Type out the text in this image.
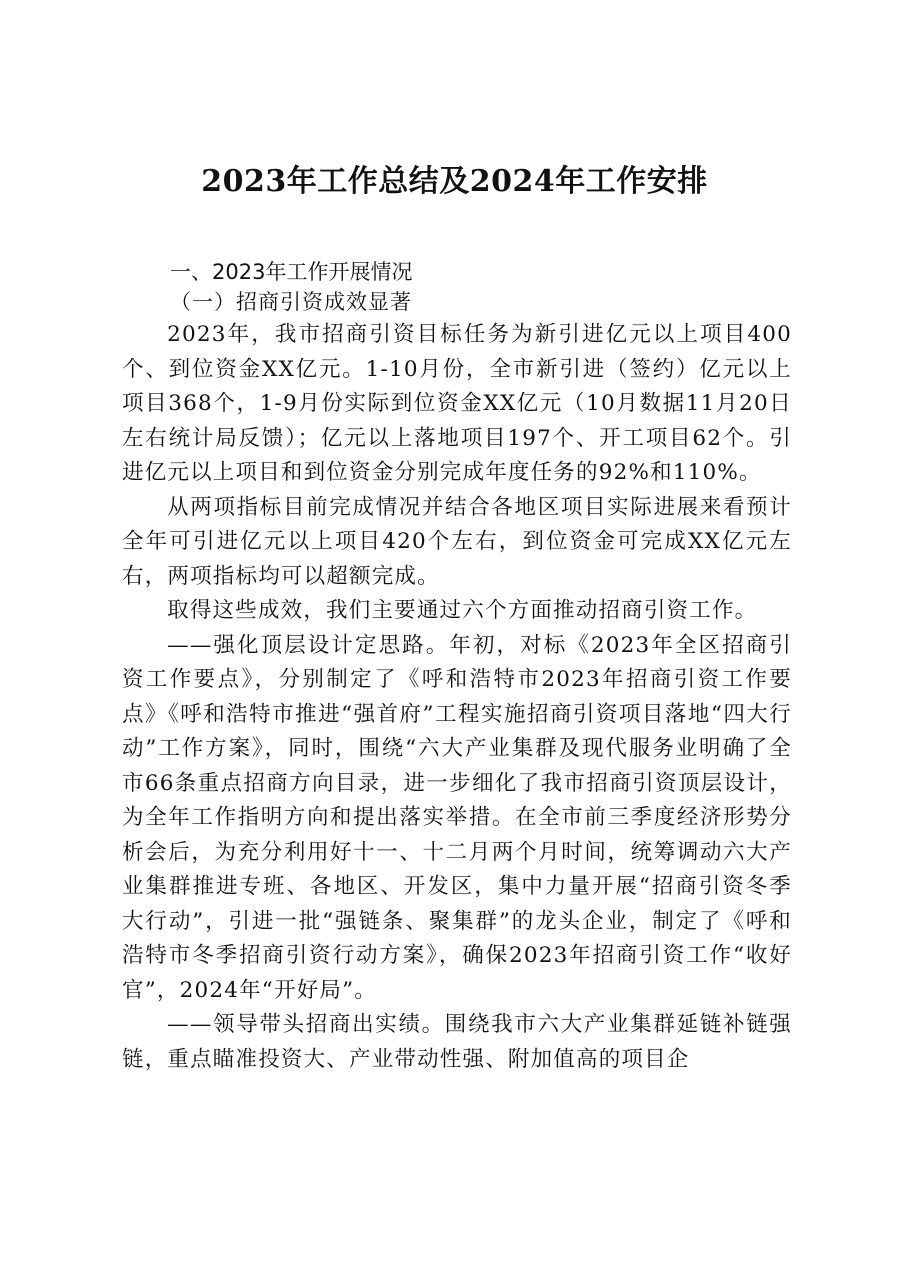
2023年工作总结及2024年工作安排
一、2023年工作开展情况
（一）招商引资成效显著

2023年，我市招商引资目标任务为新引进亿元以上项目400个、到位资金XX亿元。1-10月份，全市新引进（签约）亿元以上项目368个，1-9月份实际到位资金XX亿元（10月数据11月20日左右统计局反馈）；亿元以上落地项目197个、开工项目62个。引进亿元以上项目和到位资金分别完成年度任务的92%和110%。

从两项指标目前完成情况并结合各地区项目实际进展来看预计全年可引进亿元以上项目420个左右，到位资金可完成XX亿元左右，两项指标均可以超额完成。

取得这些成效，我们主要通过六个方面推动招商引资工作。

——强化顶层设计定思路。年初，对标《2023年全区招商引资工作要点》，分别制定了《呼和浩特市2023年招商引资工作要点》《呼和浩特市推进“强首府”工程实施招商引资项目落地“四大行动”工作方案》，同时，围绕“六大产业集群及现代服务业明确了全市66条重点招商方向目录，进一步细化了我市招商引资顶层设计，为全年工作指明方向和提出落实举措。在全市前三季度经济形势分析会后，为充分利用好十一、十二月两个月时间，统筹调动六大产业集群推进专班、各地区、开发区，集中力量开展“招商引资冬季大行动”，引进一批“强链条、聚集群”的龙头企业，制定了《呼和浩特市冬季招商引资行动方案》，确保2023年招商引资工作“收好官”，2024年“开好局”。

——领导带头招商出实绩。围绕我市六大产业集群延链补链强链，重点瞄准投资大、产业带动性强、附加值高的项目企
